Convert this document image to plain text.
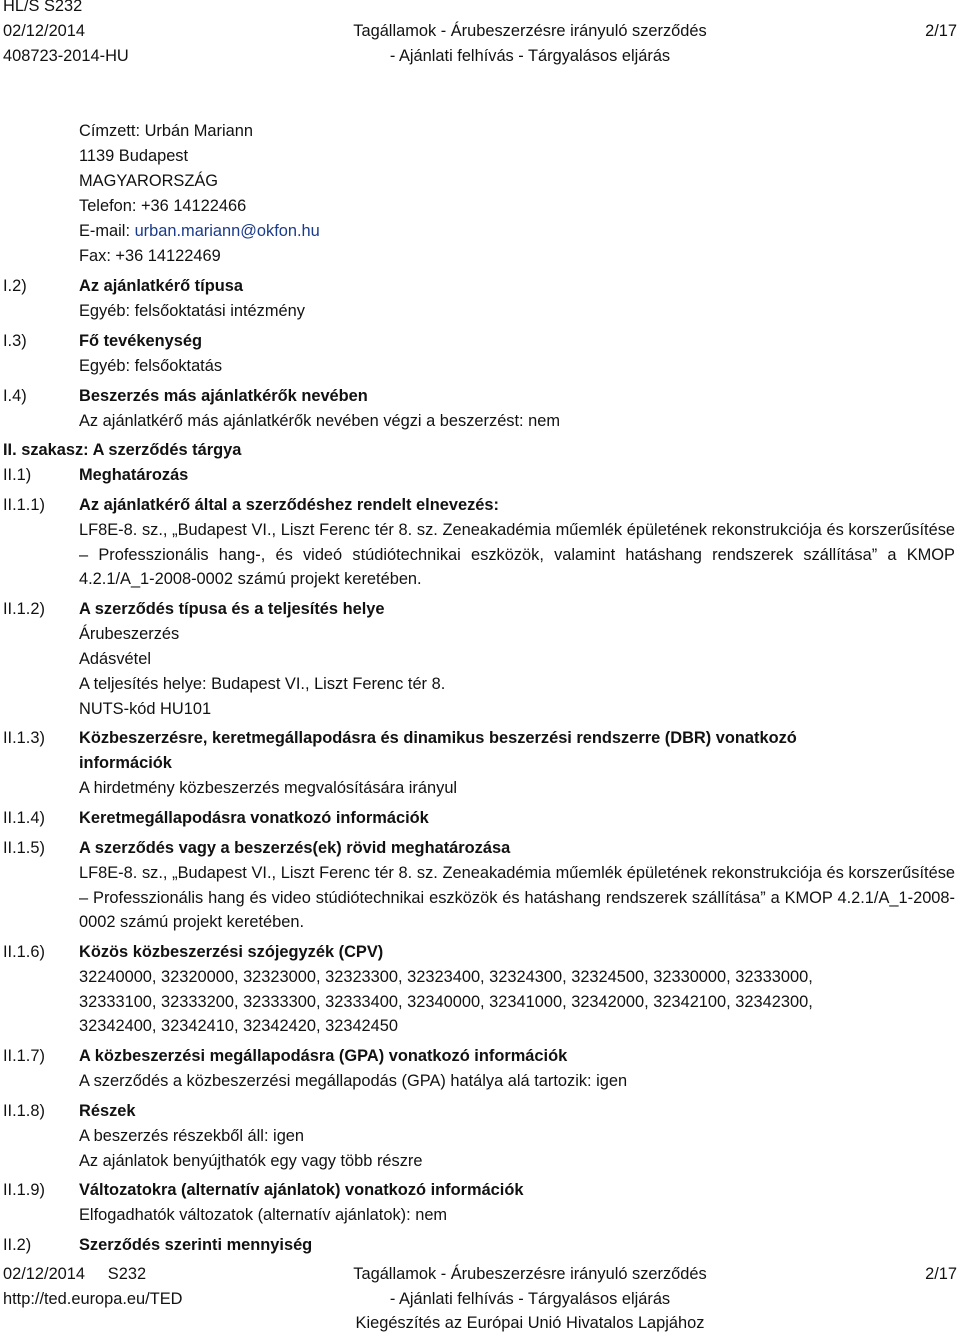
HL/S S232
02/12/2014
408723-2014-HU
Tagállamok - Árubeszerzésre irányuló szerződés
- Ajánlati felhívás - Tárgyalásos eljárás
2/17
Címzett: Urbán Mariann
1139 Budapest
MAGYARORSZÁG
Telefon: +36 14122466
E-mail: urban.mariann@okfon.hu
Fax: +36 14122469
I.2)	Az ajánlatkérő típusa
Egyéb: felsőoktatási intézmény
I.3)	Fő tevékenység
Egyéb: felsőoktatás
I.4)	Beszerzés más ajánlatkérők nevében
Az ajánlatkérő más ajánlatkérők nevében végzi a beszerzést: nem
II. szakasz: A szerződés tárgya
II.1)	Meghatározás
II.1.1) Az ajánlatkérő által a szerződéshez rendelt elnevezés:
LF8E-8. sz., „Budapest VI., Liszt Ferenc tér 8. sz. Zeneakadémia műemlék épületének rekonstrukciója és korszerűsítése – Professzionális hang-, és videó stúdiótechnikai eszközök, valamint hatáshang rendszerek szállítása” a KMOP 4.2.1/A_1-2008-0002 számú projekt keretében.
II.1.2) A szerződés típusa és a teljesítés helye
Árubeszerzés
Adásvétel
A teljesítés helye: Budapest VI., Liszt Ferenc tér 8.
NUTS-kód HU101
II.1.3) Közbeszerzésre, keretmegállapodásra és dinamikus beszerzési rendszerre (DBR) vonatkozó
információk
A hirdetmény közbeszerzés megvalósítására irányul
II.1.4) Keretmegállapodásra vonatkozó információk
II.1.5) A szerződés vagy a beszerzés(ek) rövid meghatározása
LF8E-8. sz., „Budapest VI., Liszt Ferenc tér 8. sz. Zeneakadémia műemlék épületének rekonstrukciója és korszerűsítése – Professzionális hang és video stúdiótechnikai eszközök és hatáshang rendszerek szállítása” a KMOP 4.2.1/A_1-2008-0002 számú projekt keretében.
II.1.6) Közös közbeszerzési szójegyzék (CPV)
32240000, 32320000, 32323000, 32323300, 32323400, 32324300, 32324500, 32330000, 32333000, 32333100, 32333200, 32333300, 32333400, 32340000, 32341000, 32342000, 32342100, 32342300, 32342400, 32342410, 32342420, 32342450
II.1.7) A közbeszerzési megállapodásra (GPA) vonatkozó információk
A szerződés a közbeszerzési megállapodás (GPA) hatálya alá tartozik: igen
II.1.8) Részek
A beszerzés részekből áll: igen
Az ajánlatok benyújthatók egy vagy több részre
II.1.9) Változatokra (alternatív ajánlatok) vonatkozó információk
Elfogadhatók változatok (alternatív ajánlatok): nem
II.2)	Szerződés szerinti mennyiség
02/12/2014     S232
http://ted.europa.eu/TED
Tagállamok - Árubeszerzésre irányuló szerződés
- Ajánlati felhívás - Tárgyalásos eljárás
Kiegészítés az Európai Unió Hivatalos Lapjához
2/17
